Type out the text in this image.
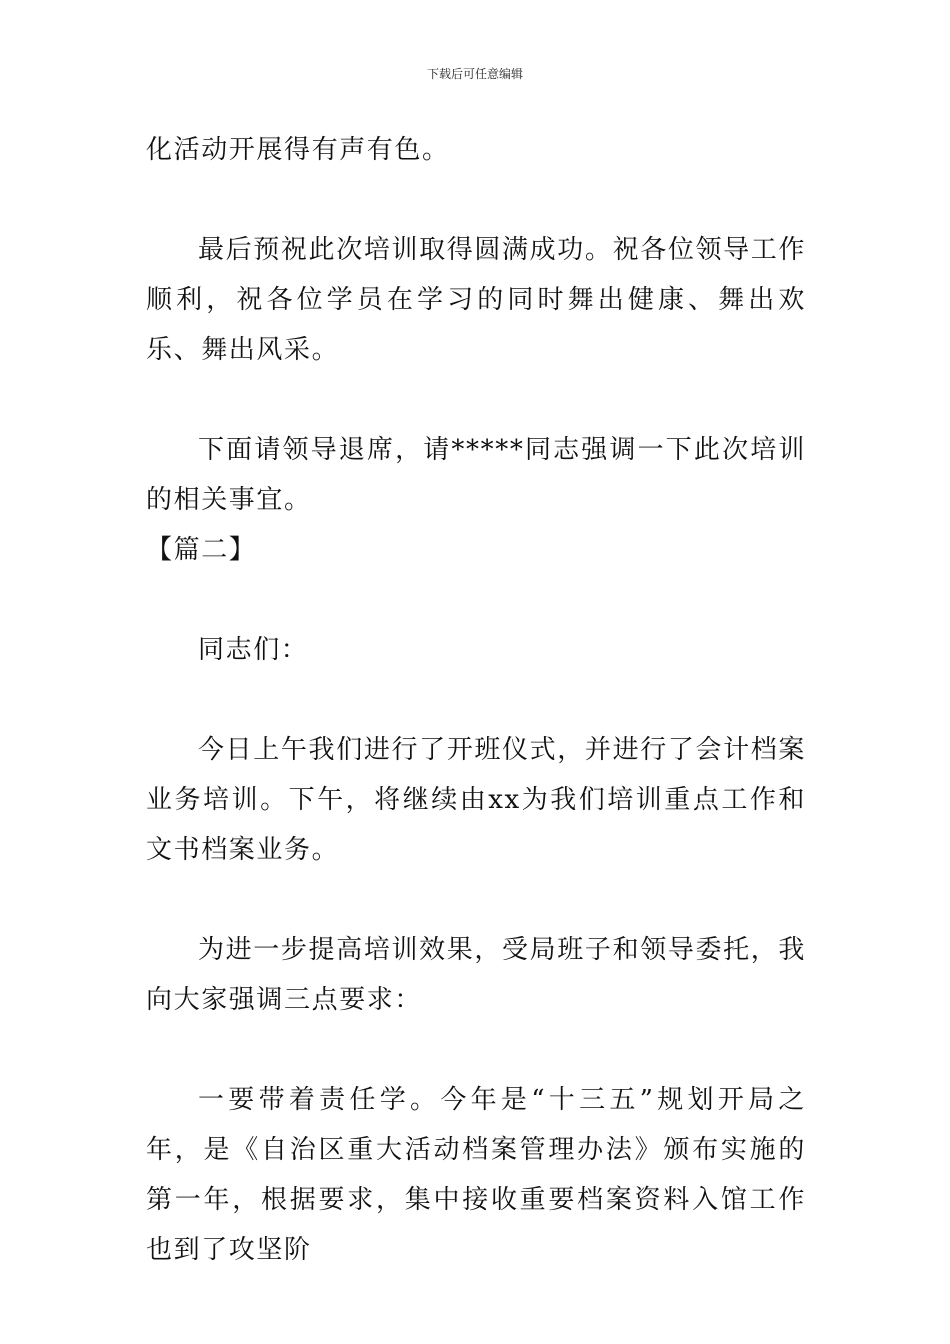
下载后可任意编辑

化活动开展得有声有色。

最后预祝此次培训取得圆满成功。祝各位领导工作顺利，祝各位学员在学习的同时舞出健康、舞出欢乐、舞出风采。

下面请领导退席，请*****同志强调一下此次培训的相关事宜。

【篇二】

同志们：

今日上午我们进行了开班仪式，并进行了会计档案业务培训。下午，将继续由xx为我们培训重点工作和文书档案业务。

为进一步提高培训效果，受局班子和领导委托，我向大家强调三点要求：

一要带着责任学。今年是“十三五”规划开局之年，是《自治区重大活动档案管理办法》颁布实施的第一年，根据要求，集中接收重要档案资料入馆工作也到了攻坚阶
